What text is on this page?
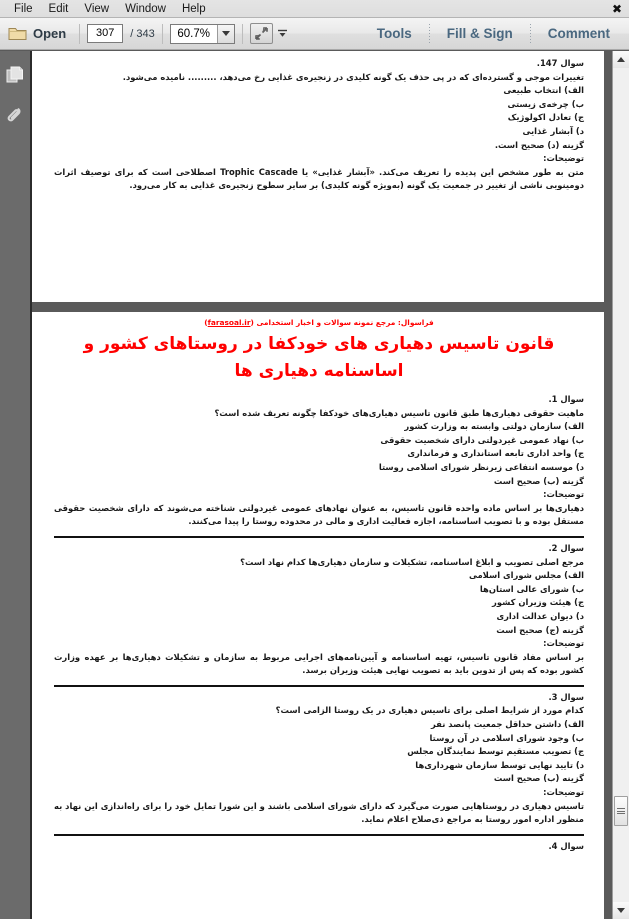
File	Edit	View	Window	Help	✖
Open	307	/ 343	60.7%	Tools	Fill & Sign	Comment
سوال 147.
تغییرات موجی و گسترده‌ای که در پی حذف یک گونه کلیدی در زنجیره‌ی غذایی رخ می‌دهد، ......... نامیده می‌شود.
الف) انتخاب طبیعی
ب) چرخه‌ی زیستی
ج) تعادل اکولوژیک
د) آبشار غذایی
گزینه (د) صحیح است.
توضیحات:
متن به طور مشخص این پدیده را تعریف می‌کند. «آبشار غذایی» یا Trophic Cascade اصطلاحی است که برای توصیف اثرات دومینویی ناشی از تغییر در جمعیت یک گونه (به‌ویژه گونه کلیدی) بر سایر سطوح زنجیره‌ی غذایی به کار می‌رود.
فراسوال: مرجع نمونه سوالات و اخبار استخدامی (farasoal.ir)
قانون تاسیس دهیاری های خودکفا در روستاهای کشور و اساسنامه دهیاری ها
سوال 1.
ماهیت حقوقی دهیاری‌ها طبق قانون تاسیس دهیاری‌های خودکفا چگونه تعریف شده است؟
الف) سازمان دولتی وابسته به وزارت کشور
ب) نهاد عمومی غیردولتی دارای شخصیت حقوقی
ج) واحد اداری تابعه استانداری و فرمانداری
د) موسسه انتفاعی زیرنظر شورای اسلامی روستا
گزینه (ب) صحیح است
توضیحات:
دهیاری‌ها بر اساس ماده واحده قانون تاسیس، به عنوان نهادهای عمومی غیردولتی شناخته می‌شوند که دارای شخصیت حقوقی مستقل بوده و با تصویب اساسنامه، اجازه فعالیت اداری و مالی در محدوده روستا را پیدا می‌کنند.
سوال 2.
مرجع اصلی تصویب و ابلاغ اساسنامه، تشکیلات و سازمان دهیاری‌ها کدام نهاد است؟
الف) مجلس شورای اسلامی
ب) شورای عالی استان‌ها
ج) هیئت وزیران کشور
د) دیوان عدالت اداری
گزینه (ج) صحیح است
توضیحات:
بر اساس مفاد قانون تاسیس، تهیه اساسنامه و آیین‌نامه‌های اجرایی مربوط به سازمان و تشکیلات دهیاری‌ها بر عهده وزارت کشور بوده که پس از تدوین باید به تصویب نهایی هیئت وزیران برسد.
سوال 3.
کدام مورد از شرایط اصلی برای تاسیس دهیاری در یک روستا الزامی است؟
الف) داشتن حداقل جمعیت پانصد نفر
ب) وجود شورای اسلامی در آن روستا
ج) تصویب مستقیم توسط نمایندگان مجلس
د) تایید نهایی توسط سازمان شهرداری‌ها
گزینه (ب) صحیح است
توضیحات:
تاسیس دهیاری در روستاهایی صورت می‌گیرد که دارای شورای اسلامی باشند و این شورا تمایل خود را برای راه‌اندازی این نهاد به منظور اداره امور روستا به مراجع ذی‌صلاح اعلام نماید.
سوال 4.
